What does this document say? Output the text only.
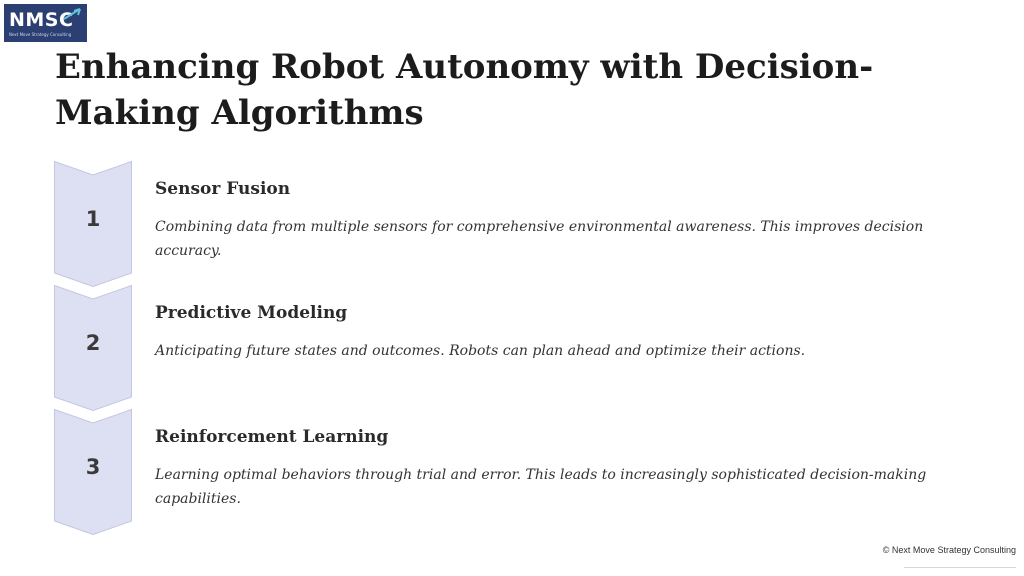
NMSC
Next Move Strategy Consulting
Enhancing Robot Autonomy with Decision-Making Algorithms
1
Sensor Fusion
Combining data from multiple sensors for comprehensive environmental awareness. This improves decision accuracy.
2
Predictive Modeling
Anticipating future states and outcomes. Robots can plan ahead and optimize their actions.
3
Reinforcement Learning
Learning optimal behaviors through trial and error. This leads to increasingly sophisticated decision-making capabilities.
© Next Move Strategy Consulting
